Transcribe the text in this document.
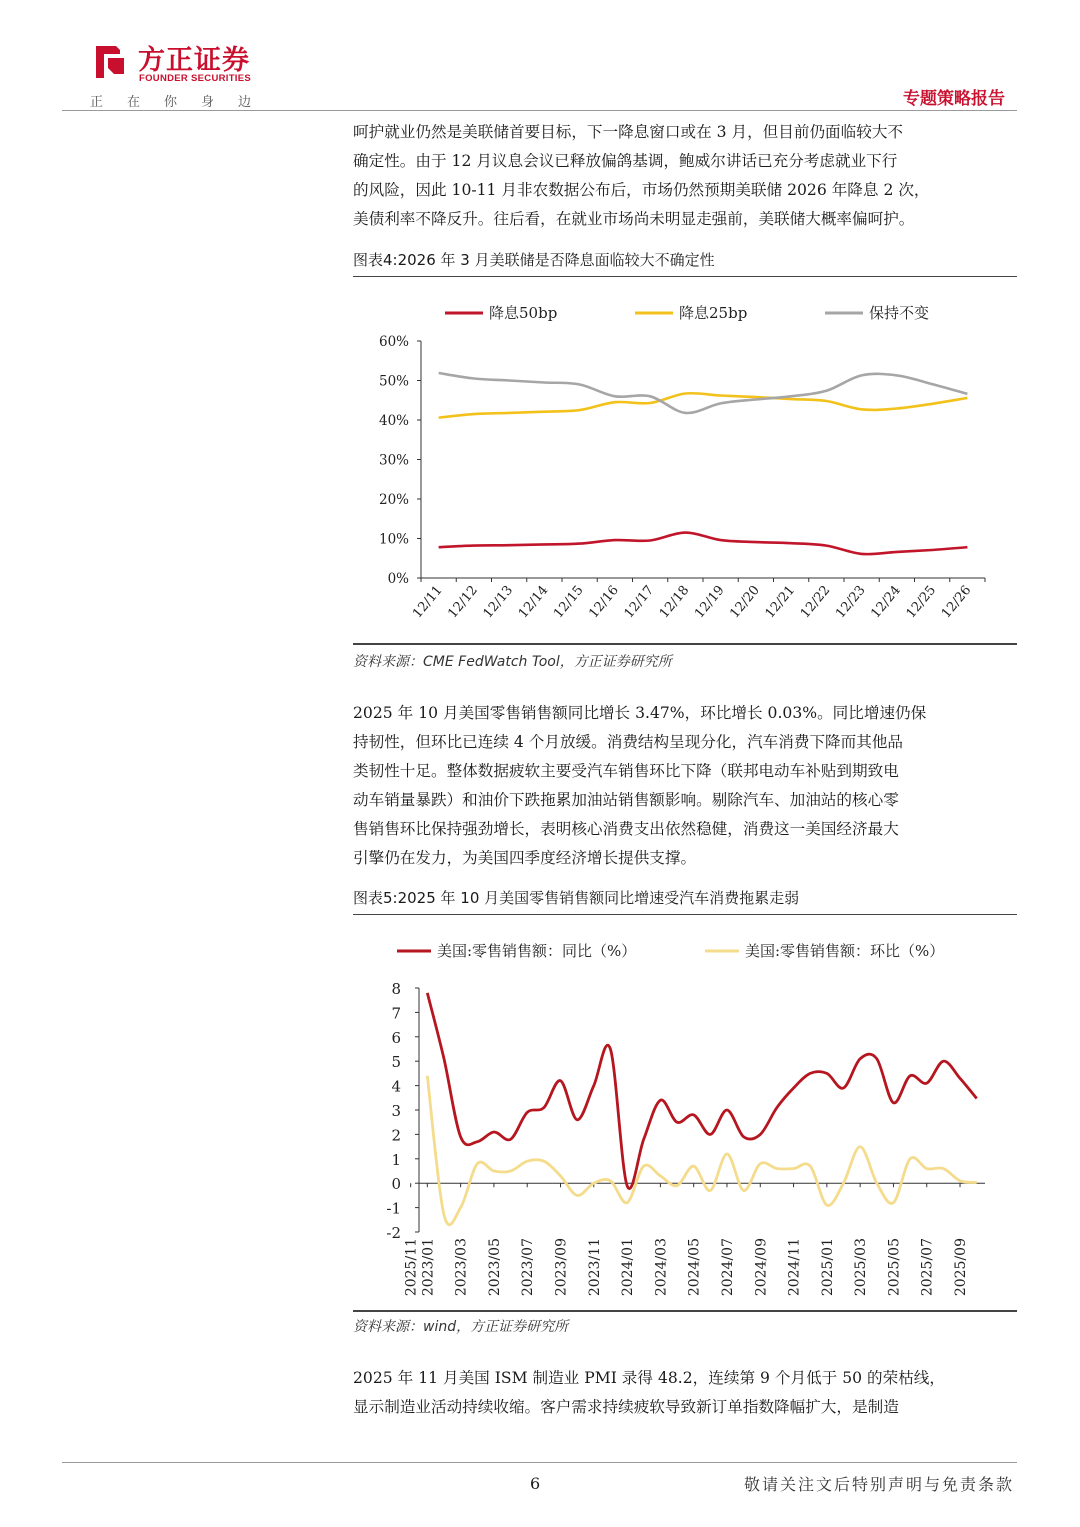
方正证券
FOUNDER SECURITIES
正在你身边	专题策略报告
呵护就业仍然是美联储首要目标，下一降息窗口或在 3 月，但目前仍面临较大不
确定性。由于 12 月议息会议已释放偏鸽基调，鲍威尔讲话已充分考虑就业下行
的风险，因此 10-11 月非农数据公布后，市场仍然预期美联储 2026 年降息 2 次，
美债利率不降反升。往后看，在就业市场尚未明显走强前，美联储大概率偏呵护。
图表4:2026 年 3 月美联储是否降息面临较大不确定性
降息50bp	降息25bp	保持不变
0%
10%
20%
30%
40%
50%
60%
12/11 12/12 12/13 12/14 12/15 12/16 12/17 12/18 12/19 12/20 12/21 12/22 12/23 12/24 12/25 12/26
资料来源：CME FedWatch Tool，方正证券研究所
2025 年 10 月美国零售销售额同比增长 3.47%，环比增长 0.03%。同比增速仍保
持韧性，但环比已连续 4 个月放缓。消费结构呈现分化，汽车消费下降而其他品
类韧性十足。整体数据疲软主要受汽车销售环比下降（联邦电动车补贴到期致电
动车销量暴跌）和油价下跌拖累加油站销售额影响。剔除汽车、加油站的核心零
售销售环比保持强劲增长，表明核心消费支出依然稳健，消费这一美国经济最大
引擎仍在发力，为美国四季度经济增长提供支撑。
图表5:2025 年 10 月美国零售销售额同比增速受汽车消费拖累走弱
美国:零售销售额：同比（%）	美国:零售销售额：环比（%）
-2
-1
0
1
2
3
4
5
6
7
8
2023/01 2023/03 2023/05 2023/07 2023/09 2023/11 2024/01 2024/03 2024/05 2024/07 2024/09 2024/11 2025/01 2025/03 2025/05 2025/07 2025/09
2025/11
资料来源：wind，方正证券研究所
2025 年 11 月美国 ISM 制造业 PMI 录得 48.2，连续第 9 个月低于 50 的荣枯线，
显示制造业活动持续收缩。客户需求持续疲软导致新订单指数降幅扩大，是制造
6	敬请关注文后特别声明与免责条款
